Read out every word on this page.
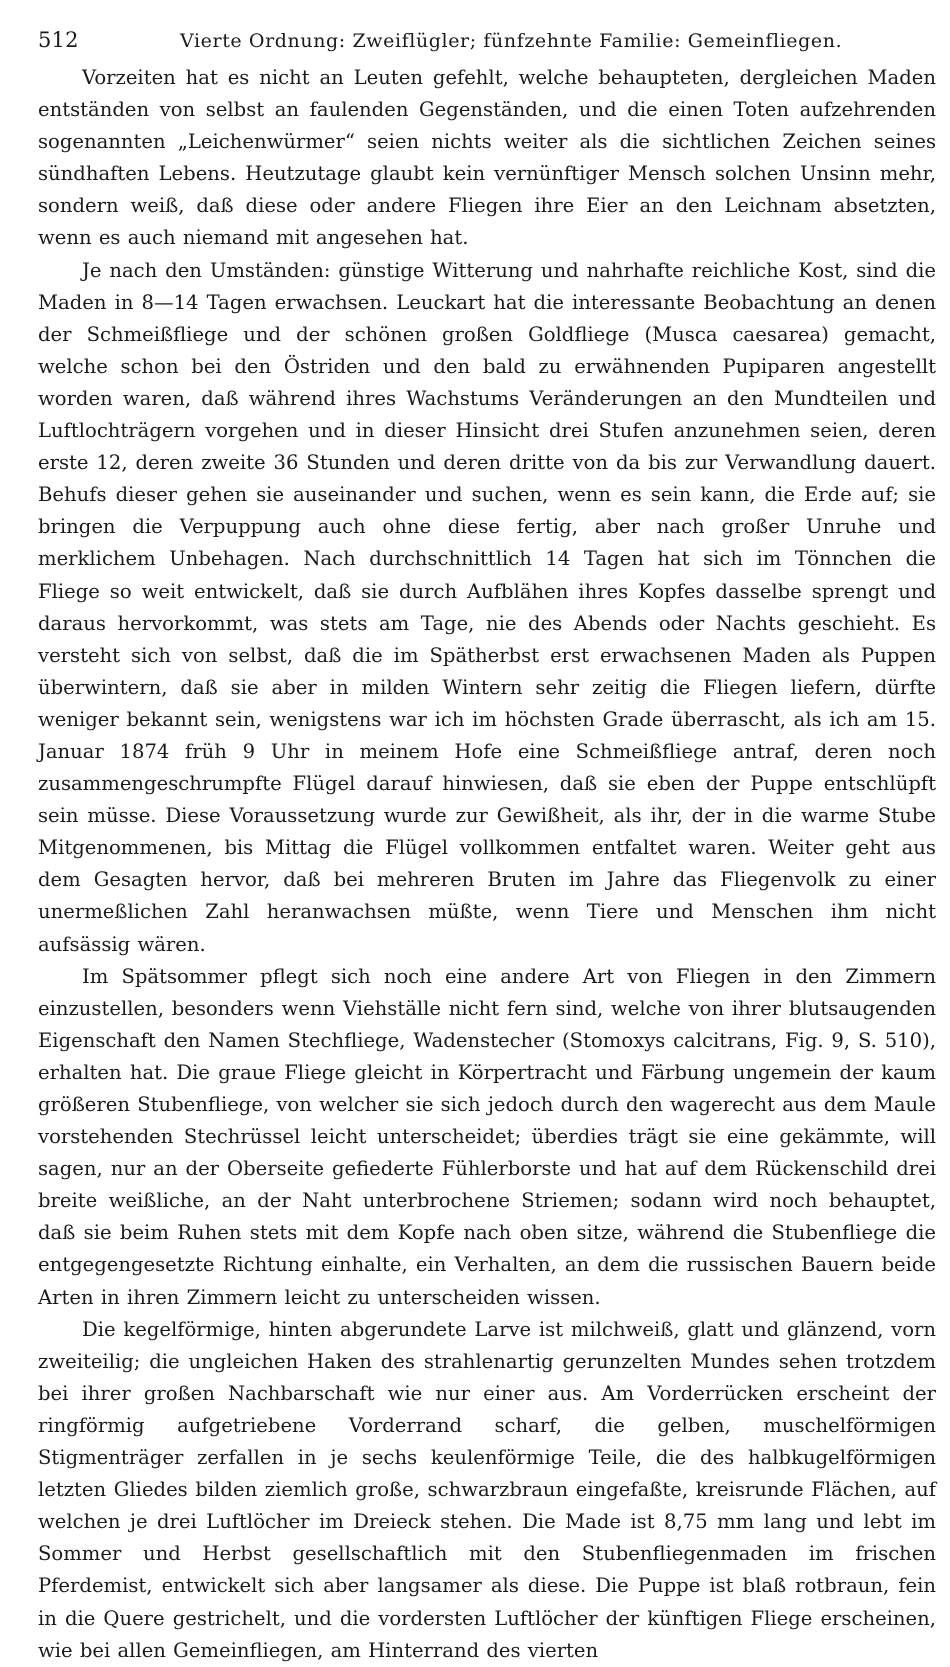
512	Vierte Ordnung: Zweiflügler; fünfzehnte Familie: Gemeinfliegen.

Vorzeiten hat es nicht an Leuten gefehlt, welche behaupteten, dergleichen Maden entständen von selbst an faulenden Gegenständen, und die einen Toten aufzehrenden sogenannten „Leichenwürmer“ seien nichts weiter als die sichtlichen Zeichen seines sündhaften Lebens. Heutzutage glaubt kein vernünftiger Mensch solchen Unsinn mehr, sondern weiß, daß diese oder andere Fliegen ihre Eier an den Leichnam absetzten, wenn es auch niemand mit angesehen hat.

Je nach den Umständen: günstige Witterung und nahrhafte reichliche Kost, sind die Maden in 8—14 Tagen erwachsen. Leuckart hat die interessante Beobachtung an denen der Schmeißfliege und der schönen großen Goldfliege (Musca caesarea) gemacht, welche schon bei den Östriden und den bald zu erwähnenden Pupiparen angestellt worden waren, daß während ihres Wachstums Veränderungen an den Mundteilen und Luftlochträgern vorgehen und in dieser Hinsicht drei Stufen anzunehmen seien, deren erste 12, deren zweite 36 Stunden und deren dritte von da bis zur Verwandlung dauert. Behufs dieser gehen sie auseinander und suchen, wenn es sein kann, die Erde auf; sie bringen die Verpuppung auch ohne diese fertig, aber nach großer Unruhe und merklichem Unbehagen. Nach durchschnittlich 14 Tagen hat sich im Tönnchen die Fliege so weit entwickelt, daß sie durch Aufblähen ihres Kopfes dasselbe sprengt und daraus hervorkommt, was stets am Tage, nie des Abends oder Nachts geschieht. Es versteht sich von selbst, daß die im Spätherbst erst erwachsenen Maden als Puppen überwintern, daß sie aber in milden Wintern sehr zeitig die Fliegen liefern, dürfte weniger bekannt sein, wenigstens war ich im höchsten Grade überrascht, als ich am 15. Januar 1874 früh 9 Uhr in meinem Hofe eine Schmeißfliege antraf, deren noch zusammengeschrumpfte Flügel darauf hinwiesen, daß sie eben der Puppe entschlüpft sein müsse. Diese Voraussetzung wurde zur Gewißheit, als ihr, der in die warme Stube Mitgenommenen, bis Mittag die Flügel vollkommen entfaltet waren. Weiter geht aus dem Gesagten hervor, daß bei mehreren Bruten im Jahre das Fliegenvolk zu einer unermeßlichen Zahl heranwachsen müßte, wenn Tiere und Menschen ihm nicht aufsässig wären.

Im Spätsommer pflegt sich noch eine andere Art von Fliegen in den Zimmern einzustellen, besonders wenn Viehställe nicht fern sind, welche von ihrer blutsaugenden Eigenschaft den Namen Stechfliege, Wadenstecher (Stomoxys calcitrans, Fig. 9, S. 510), erhalten hat. Die graue Fliege gleicht in Körpertracht und Färbung ungemein der kaum größeren Stubenfliege, von welcher sie sich jedoch durch den wagerecht aus dem Maule vorstehenden Stechrüssel leicht unterscheidet; überdies trägt sie eine gekämmte, will sagen, nur an der Oberseite gefiederte Fühlerborste und hat auf dem Rückenschild drei breite weißliche, an der Naht unterbrochene Striemen; sodann wird noch behauptet, daß sie beim Ruhen stets mit dem Kopfe nach oben sitze, während die Stubenfliege die entgegengesetzte Richtung einhalte, ein Verhalten, an dem die russischen Bauern beide Arten in ihren Zimmern leicht zu unterscheiden wissen.

Die kegelförmige, hinten abgerundete Larve ist milchweiß, glatt und glänzend, vorn zweiteilig; die ungleichen Haken des strahlenartig gerunzelten Mundes sehen trotzdem bei ihrer großen Nachbarschaft wie nur einer aus. Am Vorderrücken erscheint der ringförmig aufgetriebene Vorderrand scharf, die gelben, muschelförmigen Stigmenträger zerfallen in je sechs keulenförmige Teile, die des halbkugelförmigen letzten Gliedes bilden ziemlich große, schwarzbraun eingefaßte, kreisrunde Flächen, auf welchen je drei Luftlöcher im Dreieck stehen. Die Made ist 8,75 mm lang und lebt im Sommer und Herbst gesellschaftlich mit den Stubenfliegenmaden im frischen Pferdemist, entwickelt sich aber langsamer als diese. Die Puppe ist blaß rotbraun, fein in die Quere gestrichelt, und die vordersten Luftlöcher der künftigen Fliege erscheinen, wie bei allen Gemeinfliegen, am Hinterrand des vierten
